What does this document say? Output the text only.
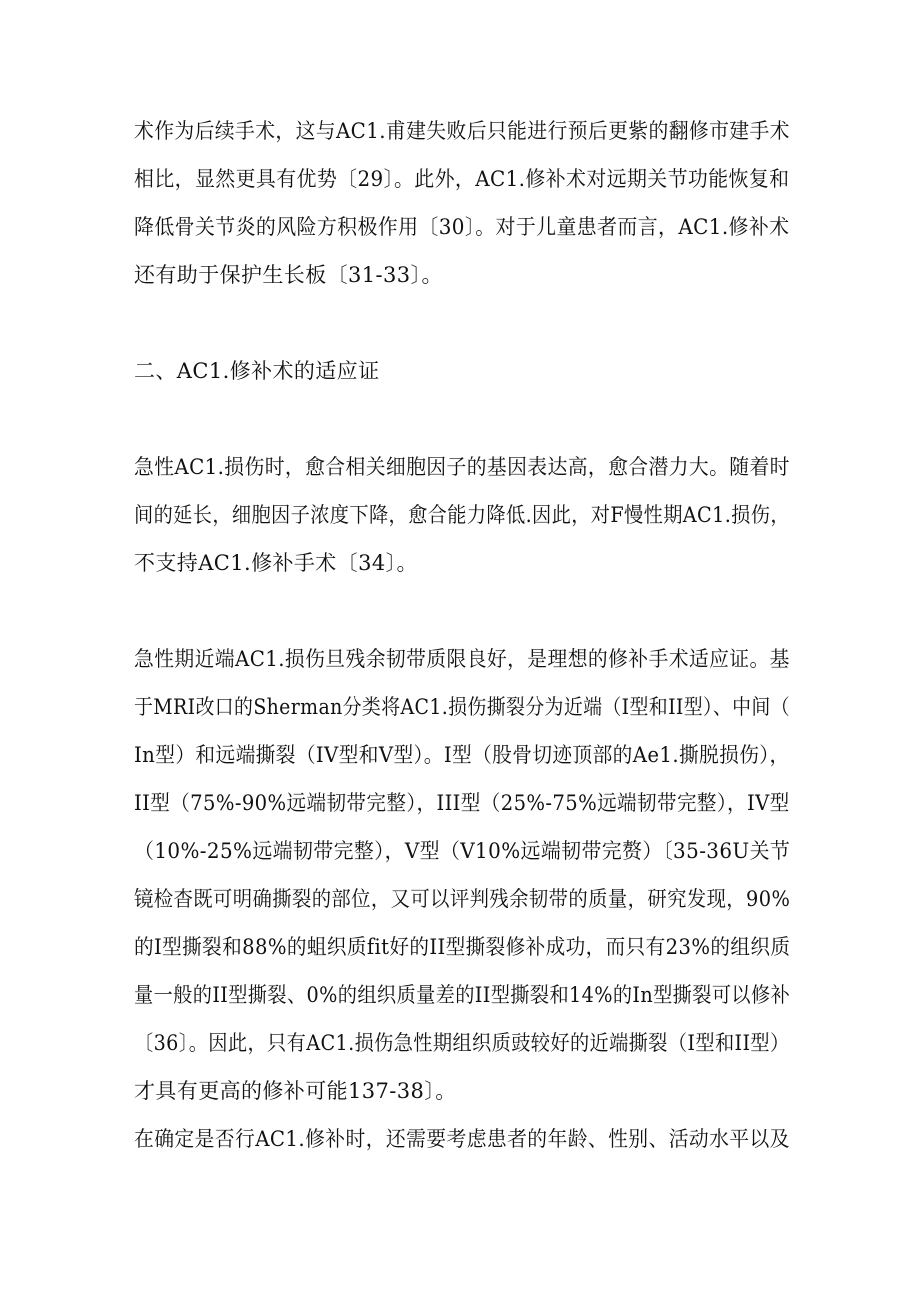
术作为后续手术，这与AC1.甫建失败后只能进行预后更紫的翻修市建手术
相比，显然更具有优势〔29〕。此外，AC1.修补术对远期关节功能恢复和
降低骨关节炎的风险方积极作用〔30〕。对于儿童患者而言，AC1.修补术
还有助于保护生长板〔31-33〕。
二、AC1.修补术的适应证
急性AC1.损伤时，愈合相关细胞因子的基因表达高，愈合潜力大。随着时
间的延长，细胞因子浓度下降，愈合能力降低.因此，对F慢性期AC1.损伤，
不支持AC1.修补手术〔34〕。
急性期近端AC1.损伤旦残余韧带质限良好，是理想的修补手术适应证。基
于MRI改口的Sherman分类将AC1.损伤撕裂分为近端（I型和II型）、中间（
In型）和远端撕裂（IV型和V型）。I型（股骨切迹顶部的Ae1.撕脱损伤），
II型（75%-90%远端韧带完整），III型（25%-75%远端韧带完整），IV型
（10%-25%远端韧带完整），V型（V10%远端韧带完赘）〔35-36U关节
镜检杳既可明确撕裂的部位，又可以评判残余韧带的质量，研究发现，90%
的I型撕裂和88%的蛆织质fit好的II型撕裂修补成功，而只有23%的组织质
量一般的II型撕裂、0%的组织质量差的II型撕裂和14%的In型撕裂可以修补
〔36〕。因此，只有AC1.损伤急性期组织质豉较好的近端撕裂（I型和II型）
才具有更高的修补可能137-38〕。
在确定是否行AC1.修补时，还需要考虑患者的年龄、性别、活动水平以及
